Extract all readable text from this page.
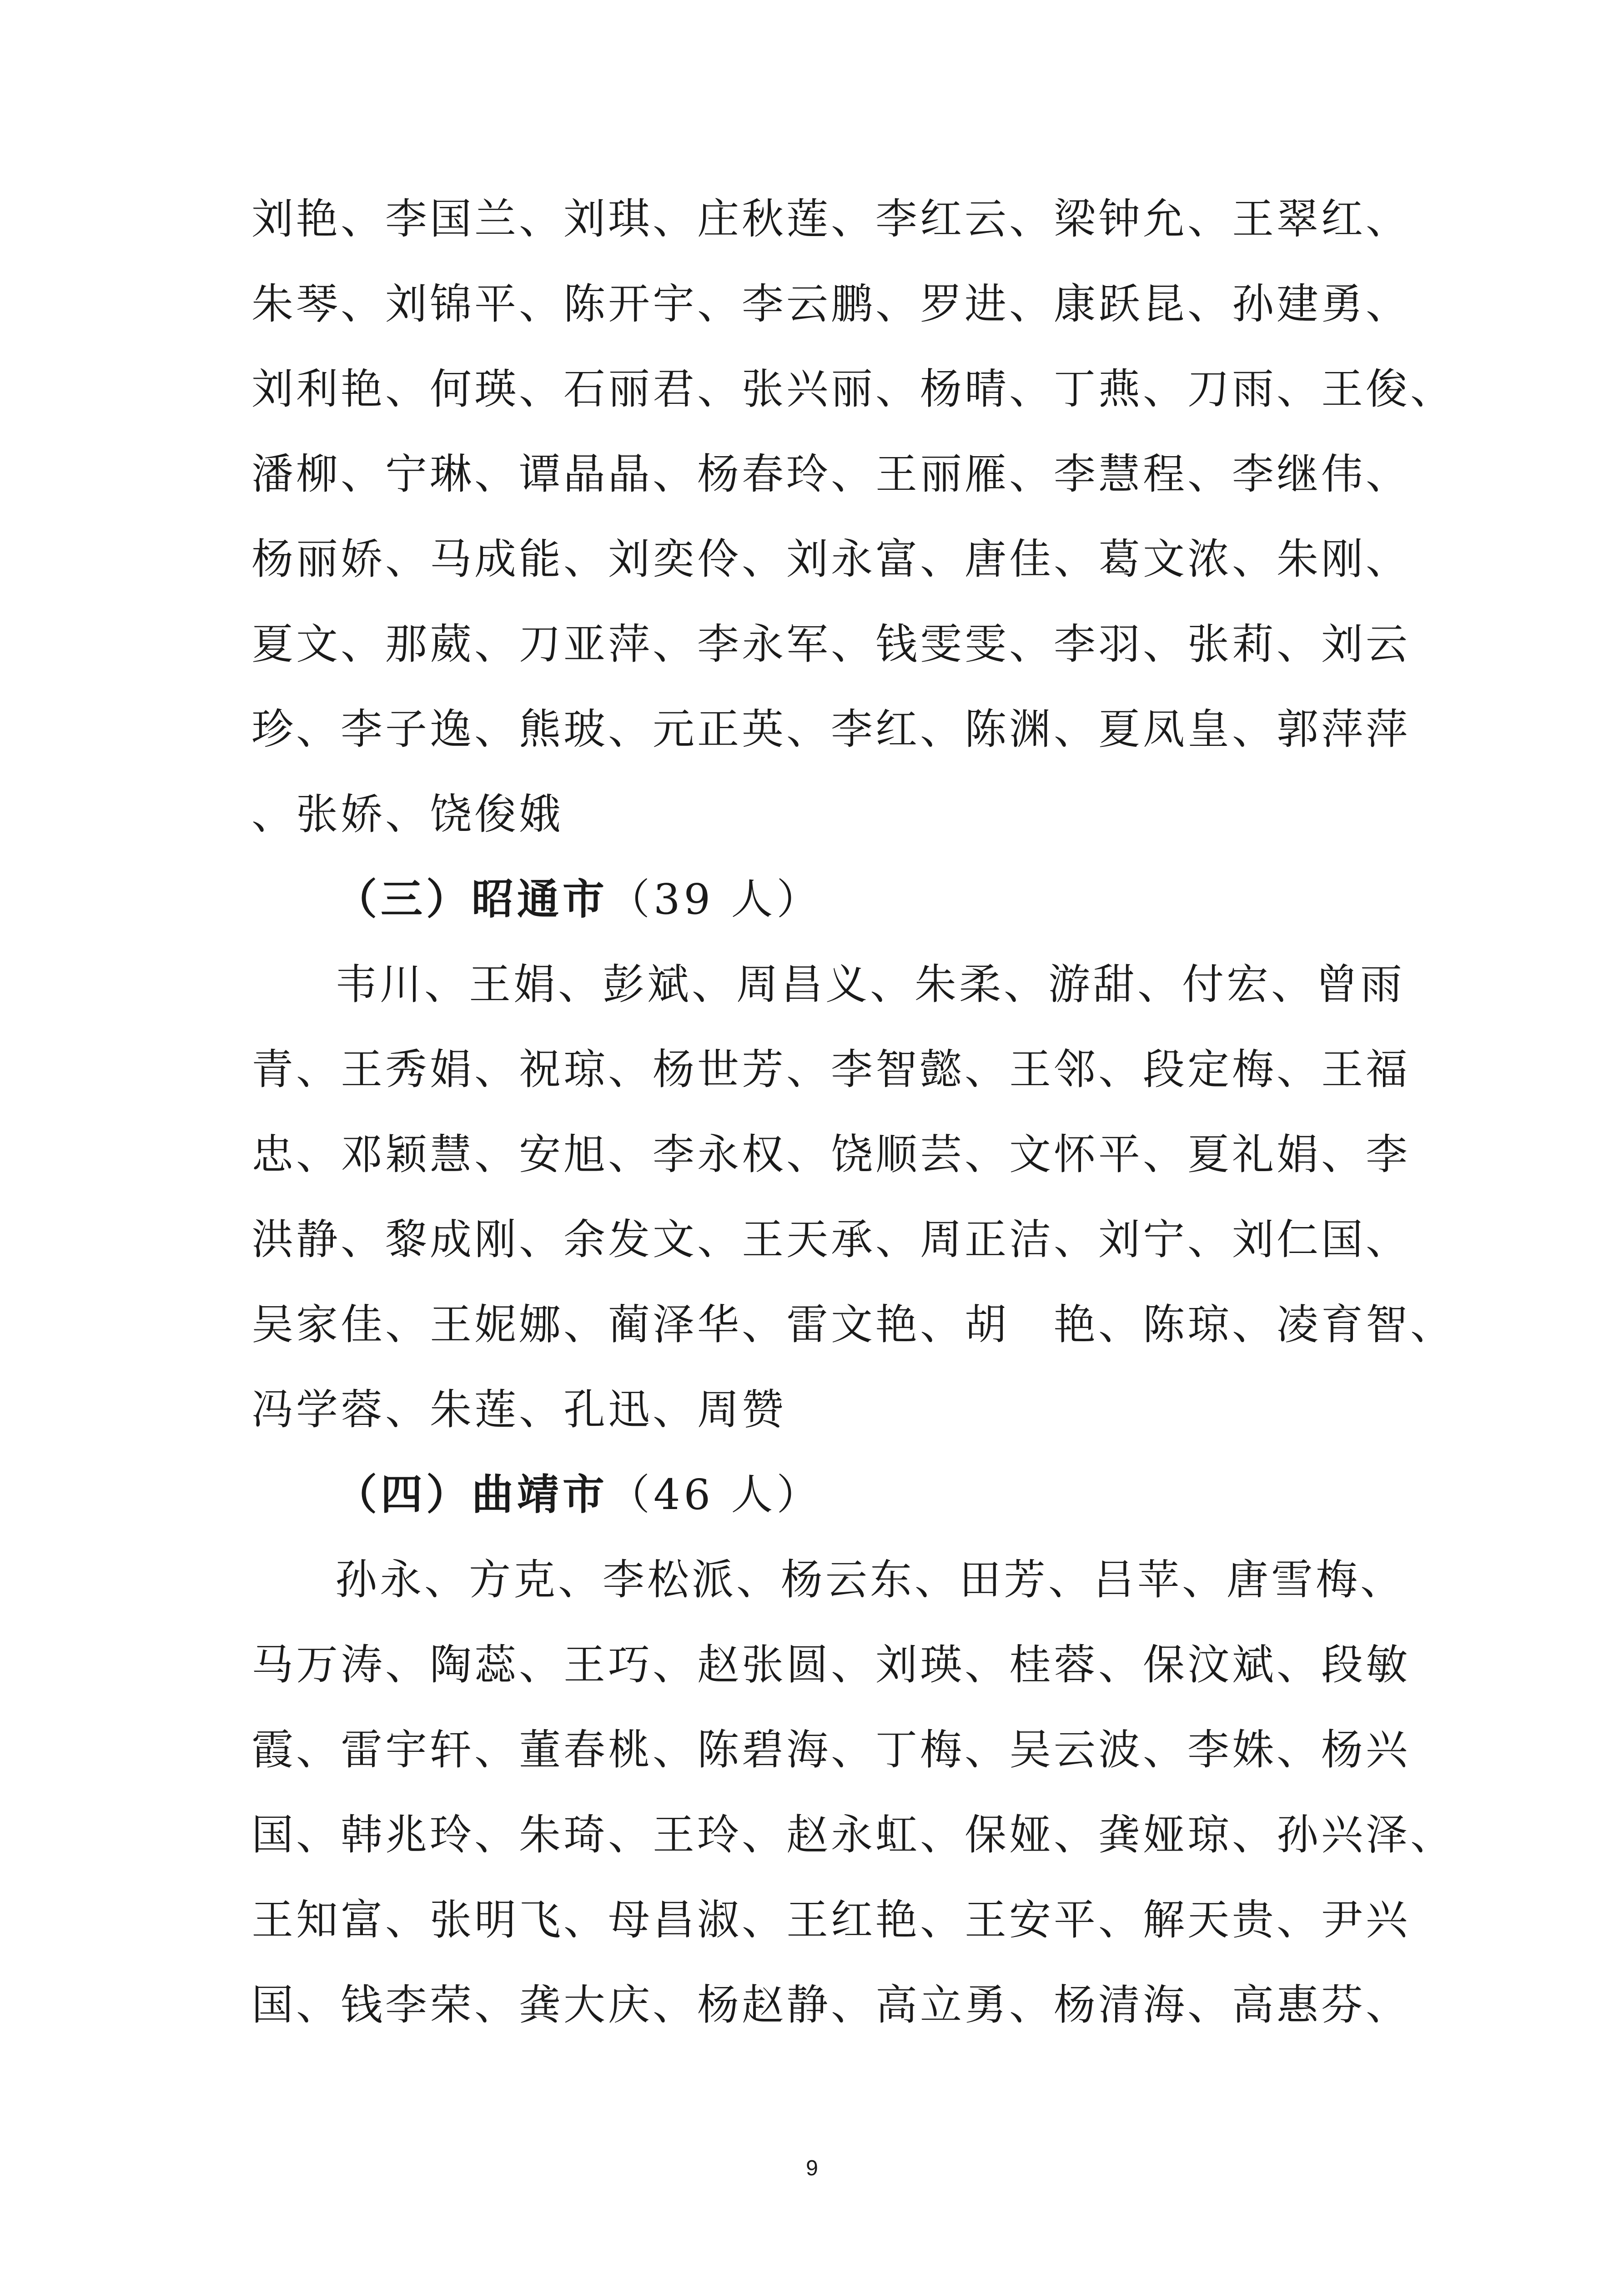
刘艳、李国兰、刘琪、庄秋莲、李红云、梁钟允、王翠红、
朱琴、刘锦平、陈开宇、李云鹏、罗进、康跃昆、孙建勇、
刘利艳、何瑛、石丽君、张兴丽、杨晴、丁燕、刀雨、王俊、
潘柳、宁琳、谭晶晶、杨春玲、王丽雁、李慧程、李继伟、
杨丽娇、马成能、刘奕伶、刘永富、唐佳、葛文浓、朱刚、
夏文、那葳、刀亚萍、李永军、钱雯雯、李羽、张莉、刘云
珍、李子逸、熊玻、元正英、李红、陈渊、夏凤皇、郭萍萍
、张娇、饶俊娥
（三）昭通市（39 人）
韦川、王娟、彭斌、周昌义、朱柔、游甜、付宏、曾雨
青、王秀娟、祝琼、杨世芳、李智懿、王邻、段定梅、王福
忠、邓颖慧、安旭、李永权、饶顺芸、文怀平、夏礼娟、李
洪静、黎成刚、余发文、王天承、周正洁、刘宁、刘仁国、
吴家佳、王妮娜、蔺泽华、雷文艳、胡　艳、陈琼、凌育智、
冯学蓉、朱莲、孔迅、周赞
（四）曲靖市（46 人）
孙永、方克、李松派、杨云东、田芳、吕苹、唐雪梅、
马万涛、陶蕊、王巧、赵张圆、刘瑛、桂蓉、保汶斌、段敏
霞、雷宇轩、董春桃、陈碧海、丁梅、吴云波、李姝、杨兴
国、韩兆玲、朱琦、王玲、赵永虹、保娅、龚娅琼、孙兴泽、
王知富、张明飞、母昌淑、王红艳、王安平、解天贵、尹兴
国、钱李荣、龚大庆、杨赵静、高立勇、杨清海、高惠芬、
9
